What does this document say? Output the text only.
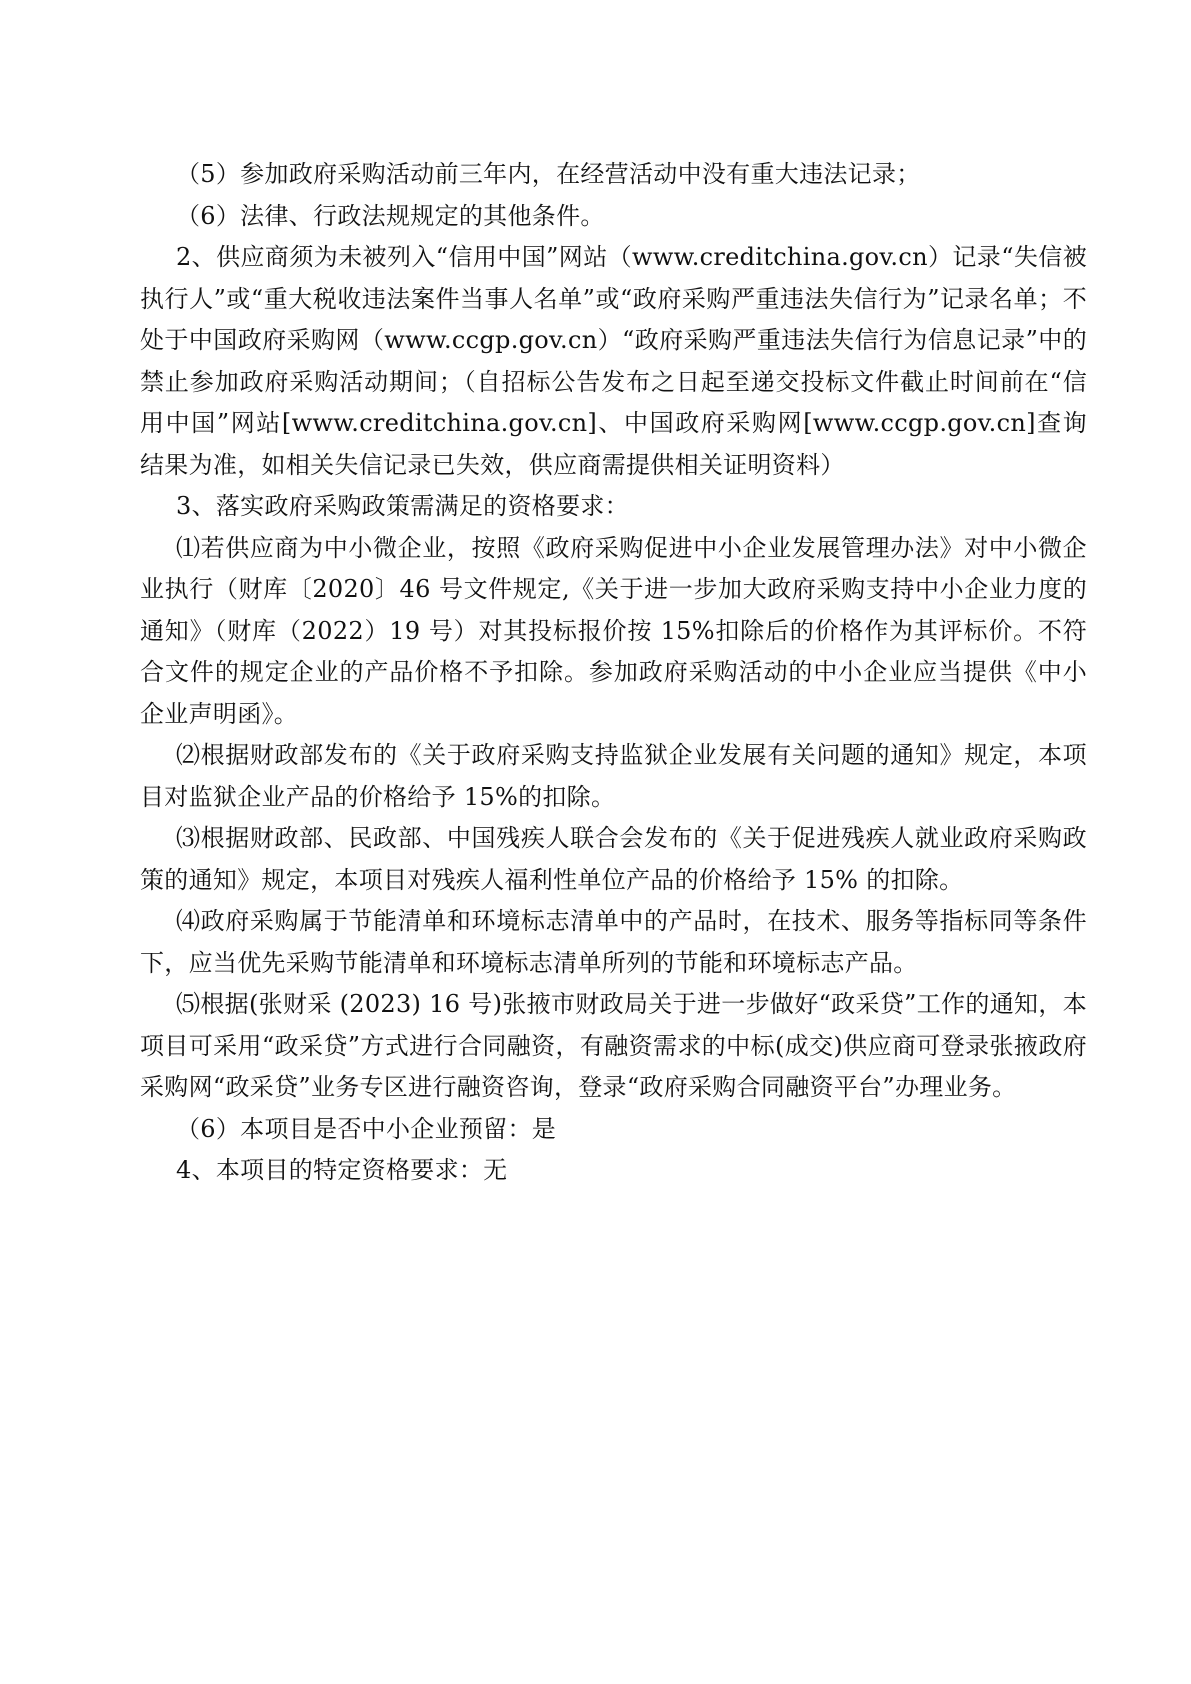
（5）参加政府采购活动前三年内，在经营活动中没有重大违法记录；

（6）法律、行政法规规定的其他条件。

2、供应商须为未被列入“信用中国”网站（www.creditchina.gov.cn）记录“失信被执行人”或“重大税收违法案件当事人名单”或“政府采购严重违法失信行为”记录名单；不处于中国政府采购网（www.ccgp.gov.cn）“政府采购严重违法失信行为信息记录”中的禁止参加政府采购活动期间；（自招标公告发布之日起至递交投标文件截止时间前在“信用中国”网站[www.creditchina.gov.cn]、中国政府采购网[www.ccgp.gov.cn]查询结果为准，如相关失信记录已失效，供应商需提供相关证明资料）

3、落实政府采购政策需满足的资格要求：

⑴若供应商为中小微企业，按照《政府采购促进中小企业发展管理办法》对中小微企业执行（财库〔2020〕46 号文件规定,《关于进一步加大政府采购支持中小企业力度的通知》（财库（2022）19 号）对其投标报价按 15%扣除后的价格作为其评标价。不符合文件的规定企业的产品价格不予扣除。参加政府采购活动的中小企业应当提供《中小企业声明函》。

⑵根据财政部发布的《关于政府采购支持监狱企业发展有关问题的通知》规定，本项目对监狱企业产品的价格给予 15%的扣除。

⑶根据财政部、民政部、中国残疾人联合会发布的《关于促进残疾人就业政府采购政策的通知》规定，本项目对残疾人福利性单位产品的价格给予 15% 的扣除。

⑷政府采购属于节能清单和环境标志清单中的产品时，在技术、服务等指标同等条件下，应当优先采购节能清单和环境标志清单所列的节能和环境标志产品。

⑸根据(张财采 (2023) 16 号)张掖市财政局关于进一步做好“政采贷”工作的通知，本项目可采用“政采贷”方式进行合同融资，有融资需求的中标(成交)供应商可登录张掖政府采购网“政采贷”业务专区进行融资咨询，登录“政府采购合同融资平台”办理业务。

（6）本项目是否中小企业预留：是

4、本项目的特定资格要求：无
